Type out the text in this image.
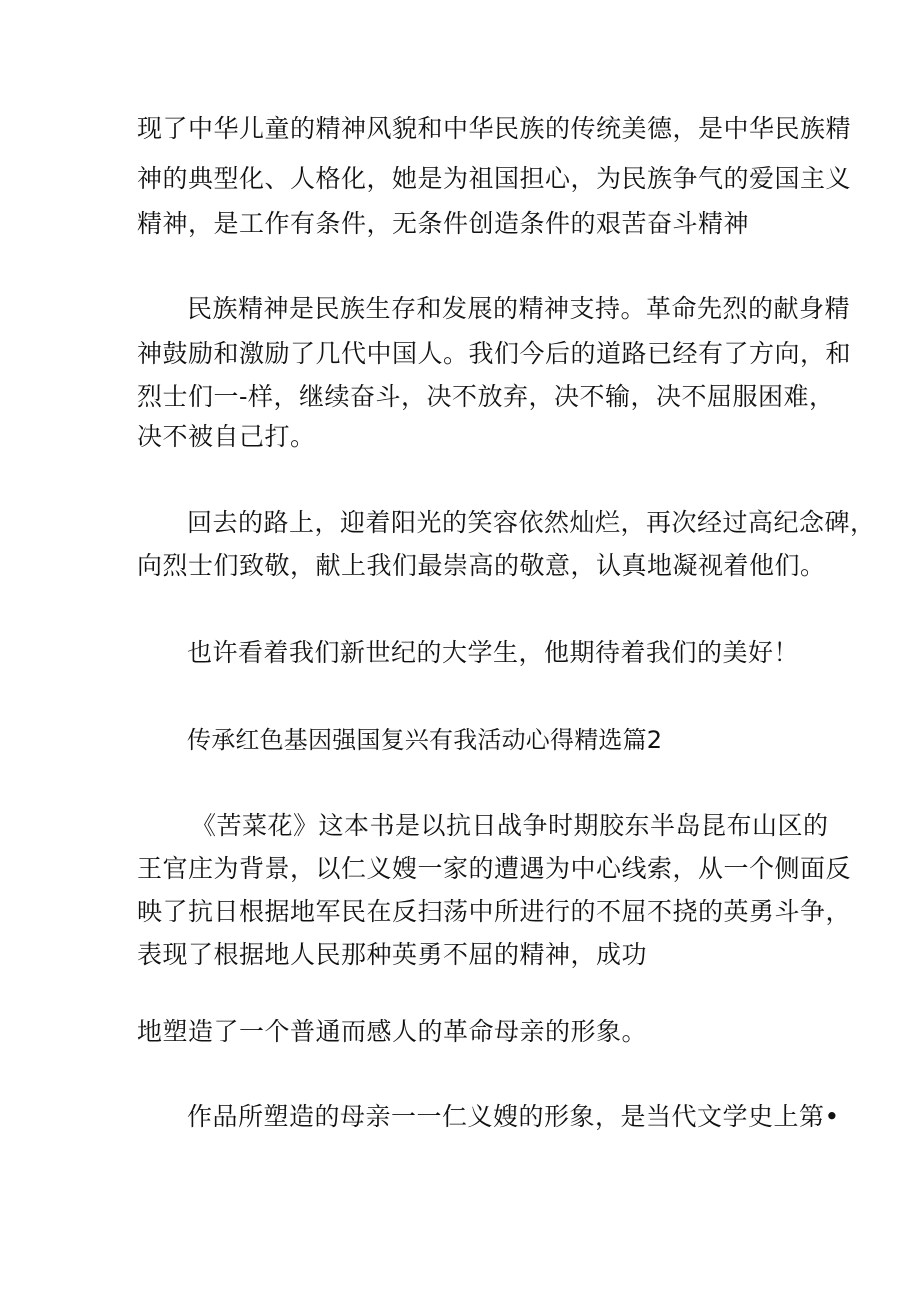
现了中华儿童的精神风貌和中华民族的传统美德，是中华民族精
神的典型化、人格化，她是为祖国担心，为民族争气的爱国主义
精神，是工作有条件，无条件创造条件的艰苦奋斗精神
民族精神是民族生存和发展的精神支持。革命先烈的献身精
神鼓励和激励了几代中国人。我们今后的道路已经有了方向，和
烈士们一-样，继续奋斗，决不放弃，决不输，决不屈服困难，
决不被自己打。
回去的路上，迎着阳光的笑容依然灿烂，再次经过高纪念碑，
向烈士们致敬，献上我们最崇高的敬意，认真地凝视着他们。
也许看着我们新世纪的大学生，他期待着我们的美好！
传承红色基因强国复兴有我活动心得精选篇2
《苦菜花》这本书是以抗日战争时期胶东半岛昆布山区的
王官庄为背景，以仁义嫂一家的遭遇为中心线索，从一个侧面反
映了抗日根据地军民在反扫荡中所进行的不屈不挠的英勇斗争，
表现了根据地人民那种英勇不屈的精神，成功
地塑造了一个普通而感人的革命母亲的形象。
作品所塑造的母亲一一仁义嫂的形象，是当代文学史上第•
